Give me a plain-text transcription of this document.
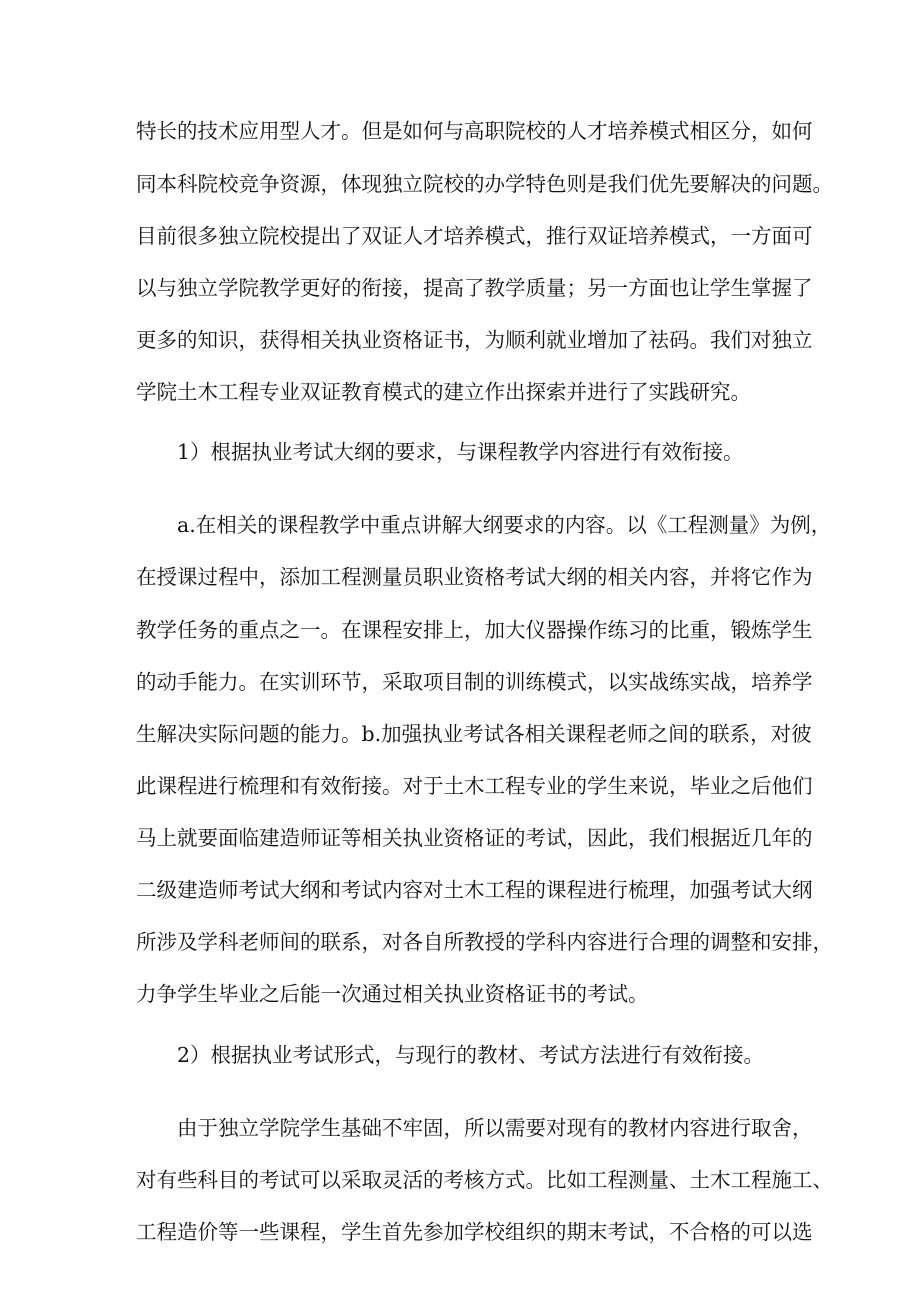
特长的技术应用型人才。但是如何与高职院校的人才培养模式相区分，如何
同本科院校竞争资源，体现独立院校的办学特色则是我们优先要解决的问题。
目前很多独立院校提出了双证人才培养模式，推行双证培养模式，一方面可
以与独立学院教学更好的衔接，提高了教学质量；另一方面也让学生掌握了
更多的知识，获得相关执业资格证书，为顺利就业增加了祛码。我们对独立
学院土木工程专业双证教育模式的建立作出探索并进行了实践研究。
1）根据执业考试大纲的要求，与课程教学内容进行有效衔接。
a.在相关的课程教学中重点讲解大纲要求的内容。以《工程测量》为例，
在授课过程中，添加工程测量员职业资格考试大纲的相关内容，并将它作为
教学任务的重点之一。在课程安排上，加大仪器操作练习的比重，锻炼学生
的动手能力。在实训环节，采取项目制的训练模式，以实战练实战，培养学
生解决实际问题的能力。b.加强执业考试各相关课程老师之间的联系，对彼
此课程进行梳理和有效衔接。对于土木工程专业的学生来说，毕业之后他们
马上就要面临建造师证等相关执业资格证的考试，因此，我们根据近几年的
二级建造师考试大纲和考试内容对土木工程的课程进行梳理，加强考试大纲
所涉及学科老师间的联系，对各自所教授的学科内容进行合理的调整和安排，
力争学生毕业之后能一次通过相关执业资格证书的考试。
2）根据执业考试形式，与现行的教材、考试方法进行有效衔接。
由于独立学院学生基础不牢固，所以需要对现有的教材内容进行取舍，
对有些科目的考试可以采取灵活的考核方式。比如工程测量、土木工程施工、
工程造价等一些课程，学生首先参加学校组织的期末考试，不合格的可以选
